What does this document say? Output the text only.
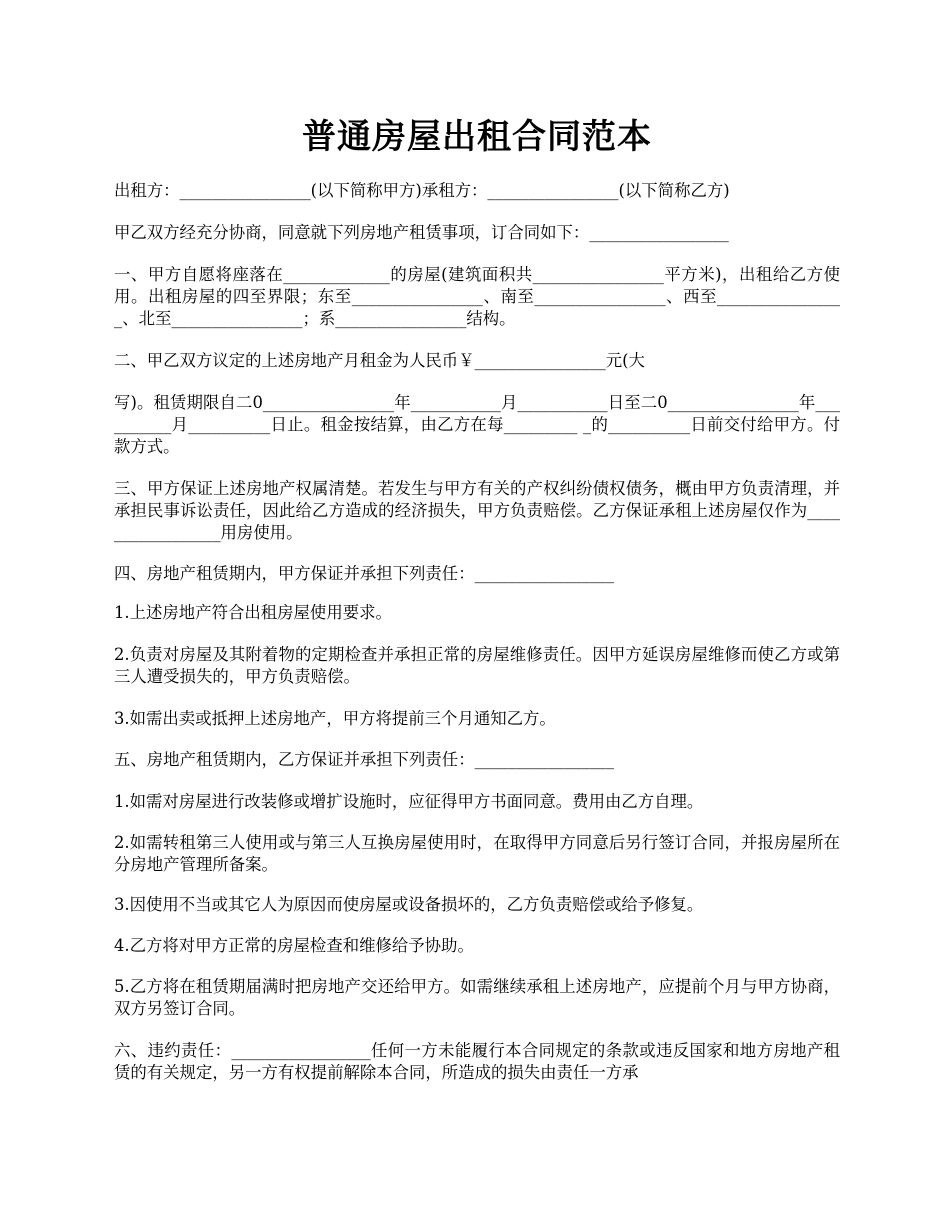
普通房屋出租合同范本

出租方：________________(以下简称甲方)承租方：________________(以下简称乙方)

甲乙双方经充分协商，同意就下列房地产租赁事项，订合同如下：_________________

一、甲方自愿将座落在_____________的房屋(建筑面积共________________平方米)，出租给乙方使用。出租房屋的四至界限；东至________________、南至________________、西至________________、北至________________；系________________结构。

二、甲乙双方议定的上述房地产月租金为人民币￥________________元(大

写)。租赁期限自二0________________年___________月___________日至二0________________年__________月__________日止。租金按结算，由乙方在每_________ _的__________日前交付给甲方。付款方式。

三、甲方保证上述房地产权属清楚。若发生与甲方有关的产权纠纷债权债务，概由甲方负责清理，并承担民事诉讼责任，因此给乙方造成的经济损失，甲方负责赔偿。乙方保证承租上述房屋仅作为_________________用房使用。

四、房地产租赁期内，甲方保证并承担下列责任：_________________

1.上述房地产符合出租房屋使用要求。

2.负责对房屋及其附着物的定期检查并承担正常的房屋维修责任。因甲方延误房屋维修而使乙方或第三人遭受损失的，甲方负责赔偿。

3.如需出卖或抵押上述房地产，甲方将提前三个月通知乙方。

五、房地产租赁期内，乙方保证并承担下列责任：_________________

1.如需对房屋进行改装修或增扩设施时，应征得甲方书面同意。费用由乙方自理。

2.如需转租第三人使用或与第三人互换房屋使用时，在取得甲方同意后另行签订合同，并报房屋所在分房地产管理所备案。

3.因使用不当或其它人为原因而使房屋或设备损坏的，乙方负责赔偿或给予修复。

4.乙方将对甲方正常的房屋检查和维修给予协助。

5.乙方将在租赁期届满时把房地产交还给甲方。如需继续承租上述房地产，应提前个月与甲方协商，双方另签订合同。

六、违约责任：_________________任何一方未能履行本合同规定的条款或违反国家和地方房地产租赁的有关规定，另一方有权提前解除本合同，所造成的损失由责任一方承
